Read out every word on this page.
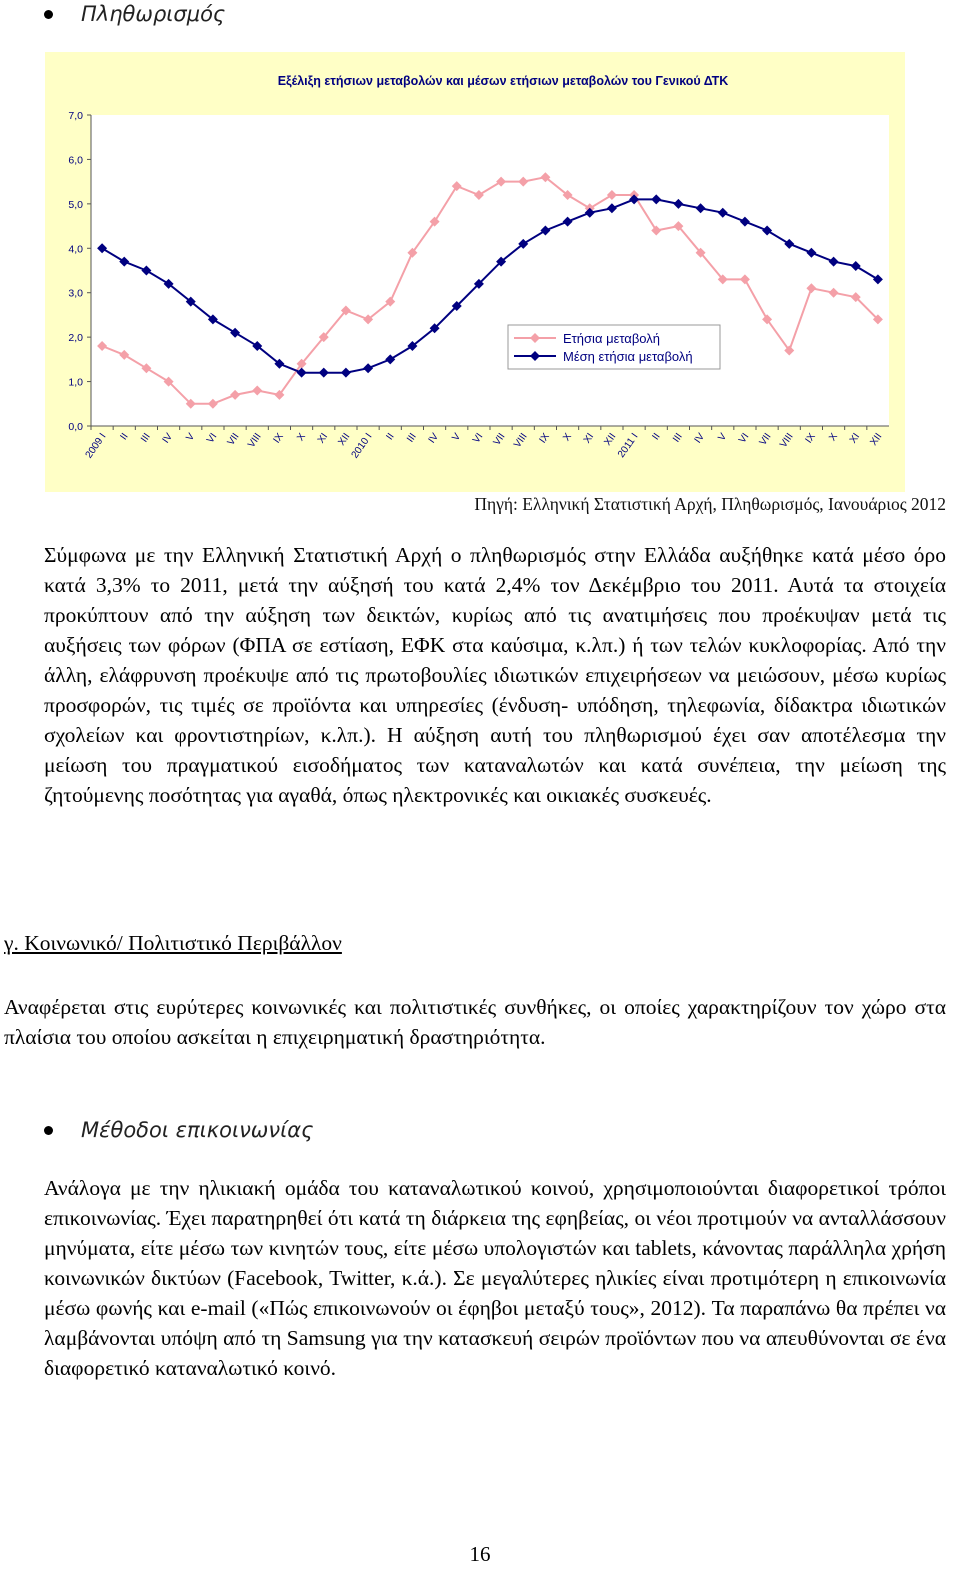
Πληθωρισμός
Εξέλιξη ετήσιων μεταβολών και μέσων ετήσιων μεταβολών του Γενικού ΔΤΚ
0,0
1,0
2,0
3,0
4,0
5,0
6,0
7,0
2009 I II III IV V VI VII VIII IX X XI XII
2010 I II III IV V VI VII VIII IX X XI XII
2011 I II III IV V VI VII VIII IX X XI XII
Ετήσια μεταβολή
Μέση ετήσια μεταβολή
Πηγή: Ελληνική Στατιστική Αρχή, Πληθωρισμός, Ιανουάριος 2012

Σύμφωνα με την Ελληνική Στατιστική Αρχή ο πληθωρισμός στην Ελλάδα αυξήθηκε κατά μέσο όρο κατά 3,3% το 2011, μετά την αύξησή του κατά 2,4% τον Δεκέμβριο του 2011. Αυτά τα στοιχεία προκύπτουν από την αύξηση των δεικτών, κυρίως από τις ανατιμήσεις που προέκυψαν μετά τις αυξήσεις των φόρων (ΦΠΑ σε εστίαση, ΕΦΚ στα καύσιμα, κ.λπ.) ή των τελών κυκλοφορίας. Από την άλλη, ελάφρυνση προέκυψε από τις πρωτοβουλίες ιδιωτικών επιχειρήσεων να μειώσουν, μέσω κυρίως προσφορών, τις τιμές σε προϊόντα και υπηρεσίες (ένδυση- υπόδηση, τηλεφωνία, δίδακτρα ιδιωτικών σχολείων και φροντιστηρίων, κ.λπ.). Η αύξηση αυτή του πληθωρισμού έχει σαν αποτέλεσμα την μείωση του πραγματικού εισοδήματος των καταναλωτών και κατά συνέπεια, την μείωση της ζητούμενης ποσότητας για αγαθά, όπως ηλεκτρονικές και οικιακές συσκευές.

γ. Κοινωνικό/ Πολιτιστικό Περιβάλλον

Αναφέρεται στις ευρύτερες κοινωνικές και πολιτιστικές συνθήκες, οι οποίες χαρακτηρίζουν τον χώρο στα πλαίσια του οποίου ασκείται η επιχειρηματική δραστηριότητα.

Μέθοδοι επικοινωνίας

Ανάλογα με την ηλικιακή ομάδα του καταναλωτικού κοινού, χρησιμοποιούνται διαφορετικοί τρόποι επικοινωνίας. Έχει παρατηρηθεί ότι κατά τη διάρκεια της εφηβείας, οι νέοι προτιμούν να ανταλλάσσουν μηνύματα, είτε μέσω των κινητών τους, είτε μέσω υπολογιστών και tablets, κάνοντας παράλληλα χρήση κοινωνικών δικτύων (Facebook, Twitter, κ.ά.). Σε μεγαλύτερες ηλικίες είναι προτιμότερη η επικοινωνία μέσω φωνής και e-mail («Πώς επικοινωνούν οι έφηβοι μεταξύ τους», 2012). Τα παραπάνω θα πρέπει να λαμβάνονται υπόψη από τη Samsung για την κατασκευή σειρών προϊόντων που να απευθύνονται σε ένα διαφορετικό καταναλωτικό κοινό.

16
